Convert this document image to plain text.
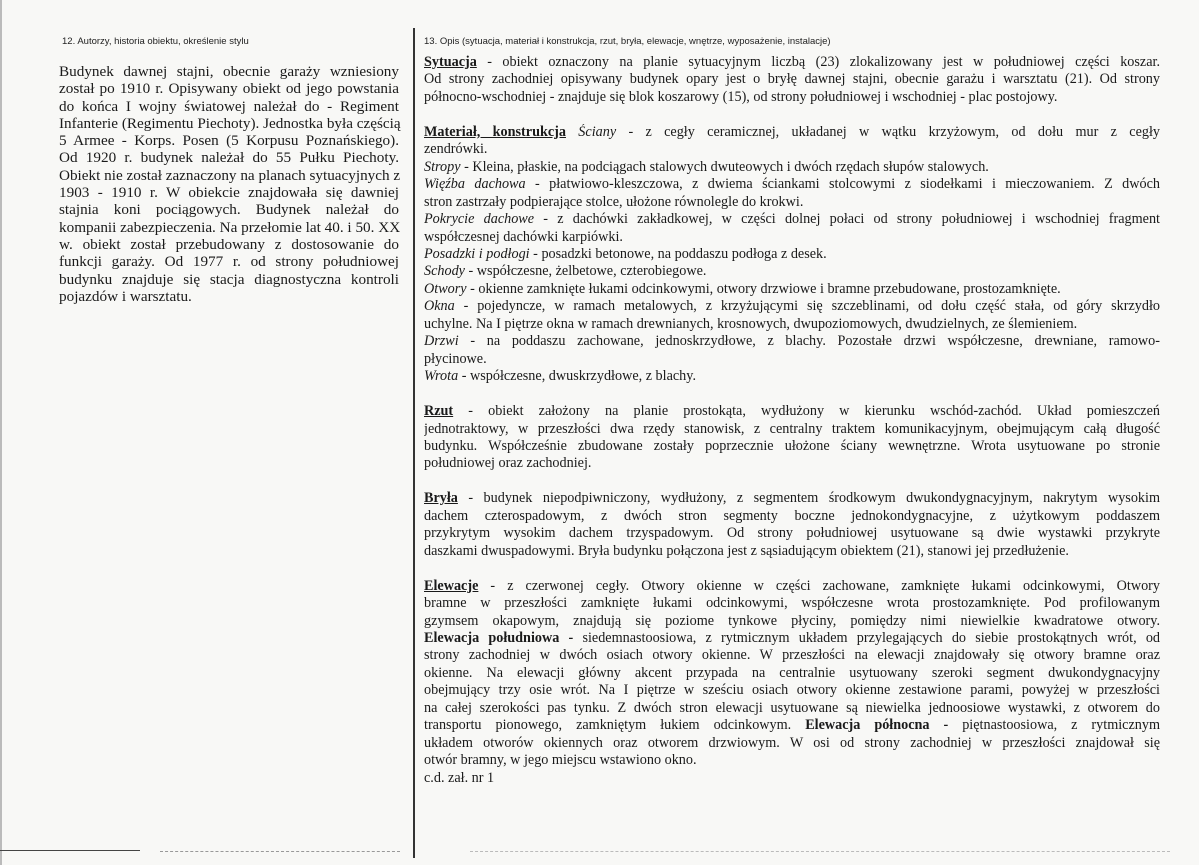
12. Autorzy, historia obiektu, określenie stylu	13. Opis (sytuacja, materiał i konstrukcja, rzut, bryła, elewacje, wnętrze, wyposażenie, instalacje)
Budynek dawnej stajni, obecnie garaży wzniesiony
został po 1910 r. Opisywany obiekt od jego powstania
do końca I wojny światowej należał do - Regiment
Infanterie (Regimentu Piechoty). Jednostka była częścią
5 Armee - Korps. Posen (5 Korpusu Poznańskiego).
Od 1920 r. budynek należał do 55 Pułku Piechoty.
Obiekt nie został zaznaczony na planach sytuacyjnych z
1903 - 1910 r. W obiekcie znajdowała się dawniej
stajnia koni pociągowych. Budynek należał do
kompanii zabezpieczenia. Na przełomie lat 40. i 50. XX
w. obiekt został przebudowany z dostosowanie do
funkcji garaży. Od 1977 r. od strony południowej
budynku znajduje się stacja diagnostyczna kontroli
pojazdów i warsztatu.
Sytuacja - obiekt oznaczony na planie sytuacyjnym liczbą (23) zlokalizowany jest w południowej części koszar.
Od strony zachodniej opisywany budynek opary jest o bryłę dawnej stajni, obecnie garażu i warsztatu (21). Od strony
północno-wschodniej - znajduje się blok koszarowy (15), od strony południowej i wschodniej - plac postojowy.
Materiał, konstrukcja Ściany - z cegły ceramicznej, układanej w wątku krzyżowym, od dołu mur z cegły
zendrówki.
Stropy - Kleina, płaskie, na podciągach stalowych dwuteowych i dwóch rzędach słupów stalowych.
Więźba dachowa - płatwiowo-kleszczowa, z dwiema ściankami stolcowymi z siodełkami i mieczowaniem. Z dwóch
stron zastrzały podpierające stolce, ułożone równolegle do krokwi.
Pokrycie dachowe - z dachówki zakładkowej, w części dolnej połaci od strony południowej i wschodniej fragment
współczesnej dachówki karpiówki.
Posadzki i podłogi - posadzki betonowe, na poddaszu podłoga z desek.
Schody - współczesne, żelbetowe, czterobiegowe.
Otwory - okienne zamknięte łukami odcinkowymi, otwory drzwiowe i bramne przebudowane, prostozamknięte.
Okna - pojedyncze, w ramach metalowych, z krzyżującymi się szczeblinami, od dołu część stała, od góry skrzydło
uchylne. Na I piętrze okna w ramach drewnianych, krosnowych, dwupoziomowych, dwudzielnych, ze ślemieniem.
Drzwi - na poddaszu zachowane, jednoskrzydłowe, z blachy. Pozostałe drzwi współczesne, drewniane, ramowo-
płycinowe.
Wrota - współczesne, dwuskrzydłowe, z blachy.
Rzut - obiekt założony na planie prostokąta, wydłużony w kierunku wschód-zachód. Układ pomieszczeń
jednotraktowy, w przeszłości dwa rzędy stanowisk, z centralny traktem komunikacyjnym, obejmującym całą długość
budynku. Współcześnie zbudowane zostały poprzecznie ułożone ściany wewnętrzne. Wrota usytuowane po stronie
południowej oraz zachodniej.
Bryła - budynek niepodpiwniczony, wydłużony, z segmentem środkowym dwukondygnacyjnym, nakrytym wysokim
dachem czterospadowym, z dwóch stron segmenty boczne jednokondygnacyjne, z użytkowym poddaszem
przykrytym wysokim dachem trzyspadowym. Od strony południowej usytuowane są dwie wystawki przykryte
daszkami dwuspadowymi. Bryła budynku połączona jest z sąsiadującym obiektem (21), stanowi jej przedłużenie.
Elewacje - z czerwonej cegły. Otwory okienne w części zachowane, zamknięte łukami odcinkowymi, Otwory
bramne w przeszłości zamknięte łukami odcinkowymi, współczesne wrota prostozamknięte. Pod profilowanym
gzymsem okapowym, znajdują się poziome tynkowe płyciny, pomiędzy nimi niewielkie kwadratowe otwory.
Elewacja południowa - siedemnastoosiowa, z rytmicznym układem przylegających do siebie prostokątnych wrót, od
strony zachodniej w dwóch osiach otwory okienne. W przeszłości na elewacji znajdowały się otwory bramne oraz
okienne. Na elewacji główny akcent przypada na centralnie usytuowany szeroki segment dwukondygnacyjny
obejmujący trzy osie wrót. Na I piętrze w sześciu osiach otwory okienne zestawione parami, powyżej w przeszłości
na całej szerokości pas tynku. Z dwóch stron elewacji usytuowane są niewielka jednoosiowe wystawki, z otworem do
transportu pionowego, zamkniętym łukiem odcinkowym. Elewacja północna - piętnastoosiowa, z rytmicznym
układem otworów okiennych oraz otworem drzwiowym. W osi od strony zachodniej w przeszłości znajdował się
otwór bramny, w jego miejscu wstawiono okno.
c.d. zał. nr 1
